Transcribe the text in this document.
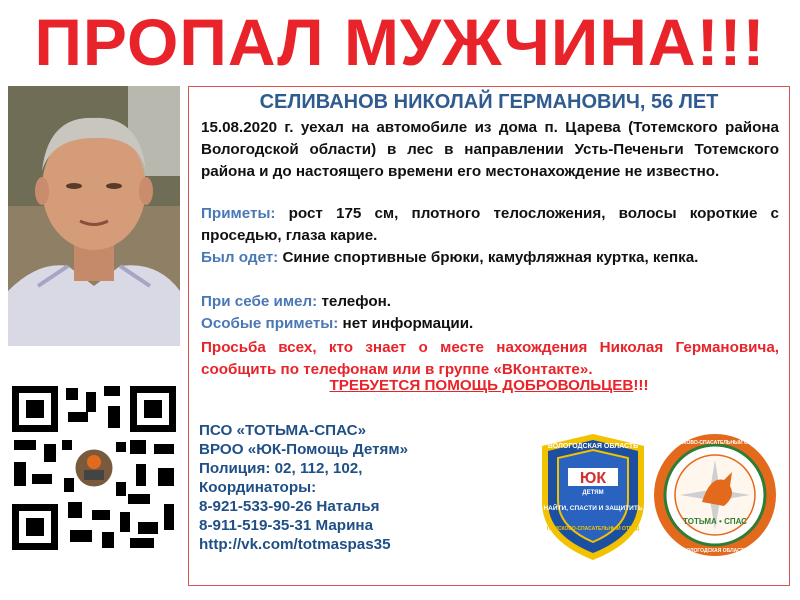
ПРОПАЛ МУЖЧИНА!!!
СЕЛИВАНОВ НИКОЛАЙ ГЕРМАНОВИЧ, 56 ЛЕТ
15.08.2020 г. уехал на автомобиле из дома п. Царева (Тотемского района Вологодской области) в лес в направлении Усть-Печеньги Тотемского района и до настоящего времени его местонахождение не известно.
Приметы: рост 175 см, плотного телосложения, волосы короткие с проседью, глаза карие.
Был одет: Синие спортивные брюки, камуфляжная куртка, кепка.
При себе имел: телефон.
Особые приметы: нет информации.
Просьба всех, кто знает о месте нахождения Николая Германовича, сообщить по телефонам или в группе «ВКонтакте».
ТРЕБУЕТСЯ ПОМОЩЬ ДОБРОВОЛЬЦЕВ!!!
ПСО «ТОТЬМА-СПАС»
ВРОО «ЮК-Помощь Детям»
Полиция: 02, 112, 102,
Координаторы:
8-921-533-90-26 Наталья
8-911-519-35-31 Марина
http://vk.com/totmaspas35
ВОЛОГОДСКАЯ ОБЛАСТЬ
ЮК
ДЕТЯМ
НАЙТИ, СПАСТИ И ЗАЩИТИТЬ
ПОИСКОВО-СПАСАТЕЛЬНЫЙ ОТРЯД
ТОТЬМА • СПАС
ПОИСКОВО-СПАСАТЕЛЬНЫЙ ОТРЯД
ВОЛОГОДСКАЯ ОБЛАСТЬ
